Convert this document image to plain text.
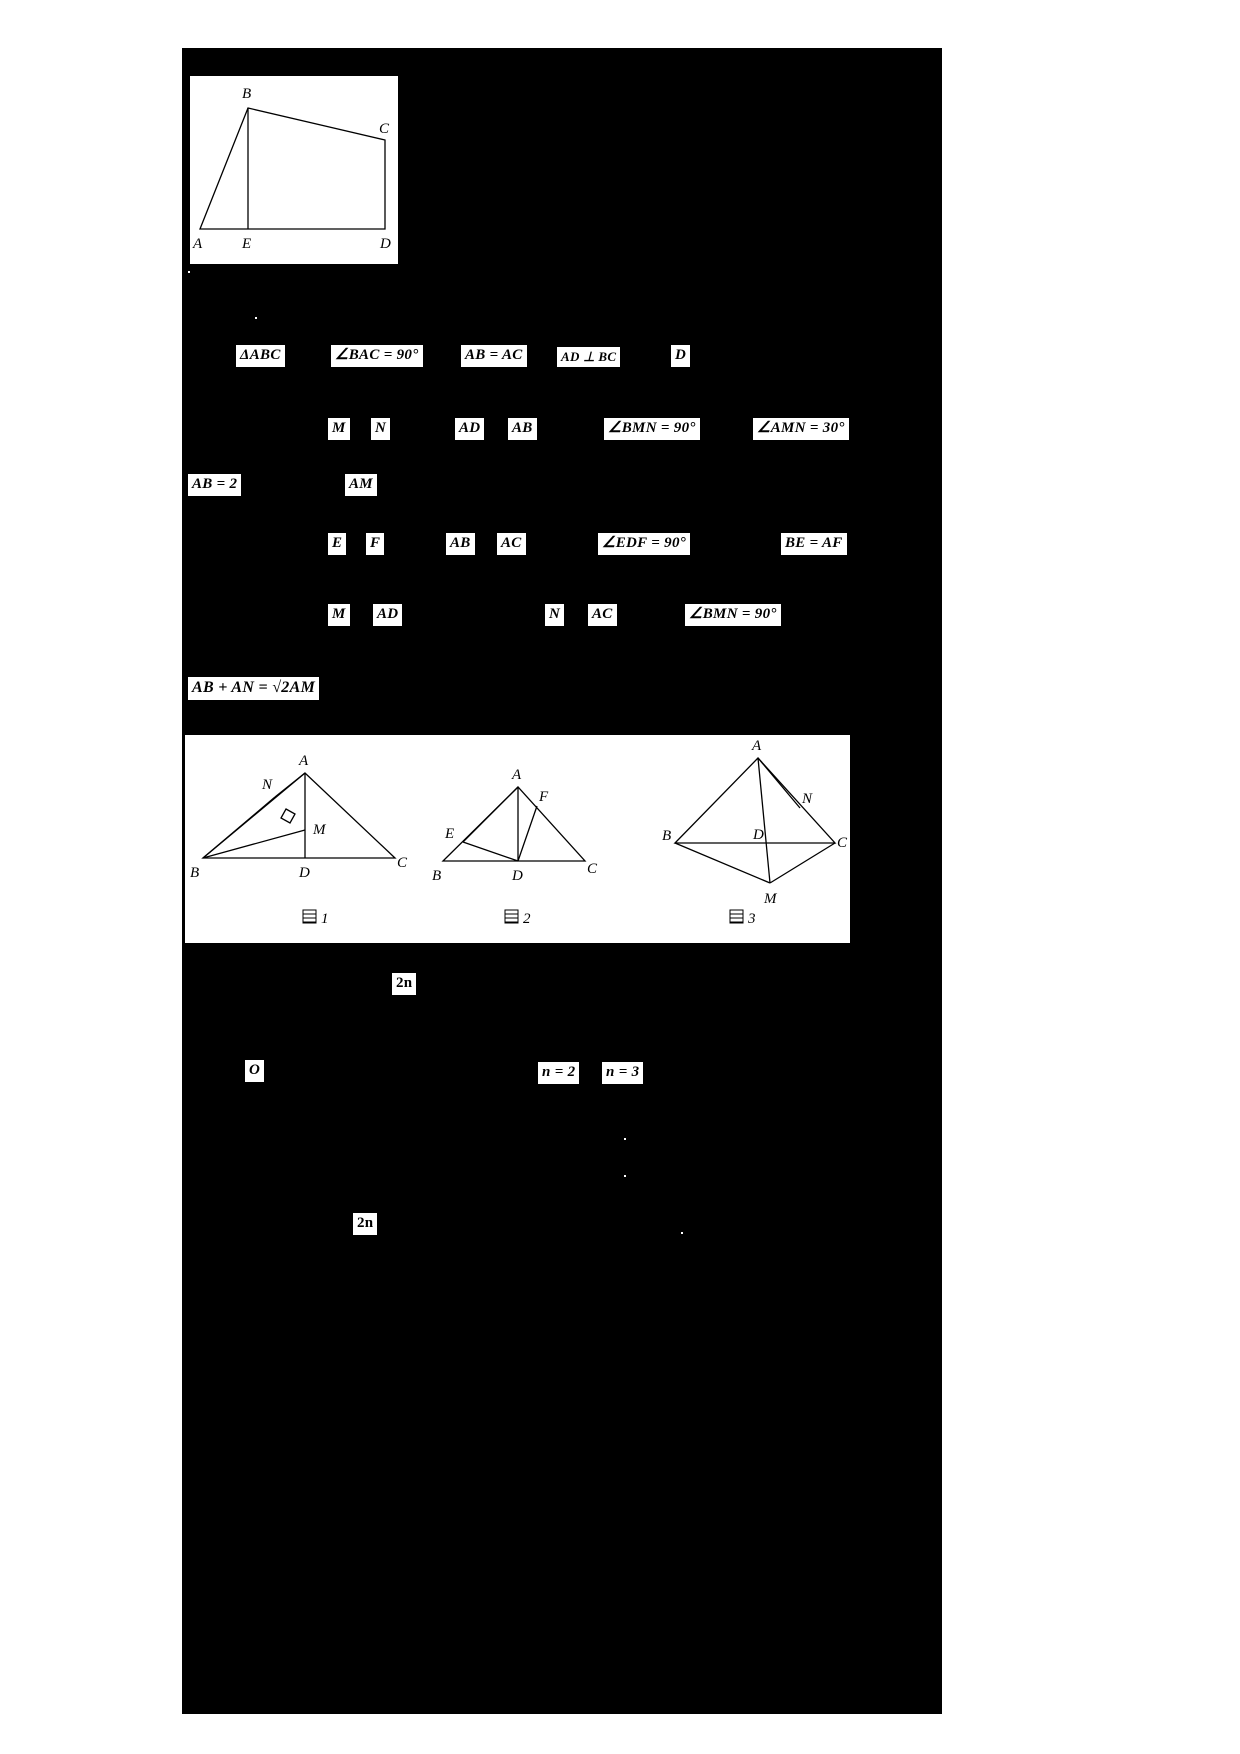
B
C
A	E	D
ΔABC	∠BAC = 90°	AB = AC	AD ⊥ BC	D
M N	AD AB	∠BMN = 90°	∠AMN = 30°
AB = 2	AM
E F	AB AC	∠EDF = 90°	BE = AF
M AD	N AC	∠BMN = 90°
AB + AN = √2AM
A
N
M
B	D
C
A
F
E
B	D	C
A
N
B	D	C
M
1	2	3
2n
O	n = 2 n = 3
2n
